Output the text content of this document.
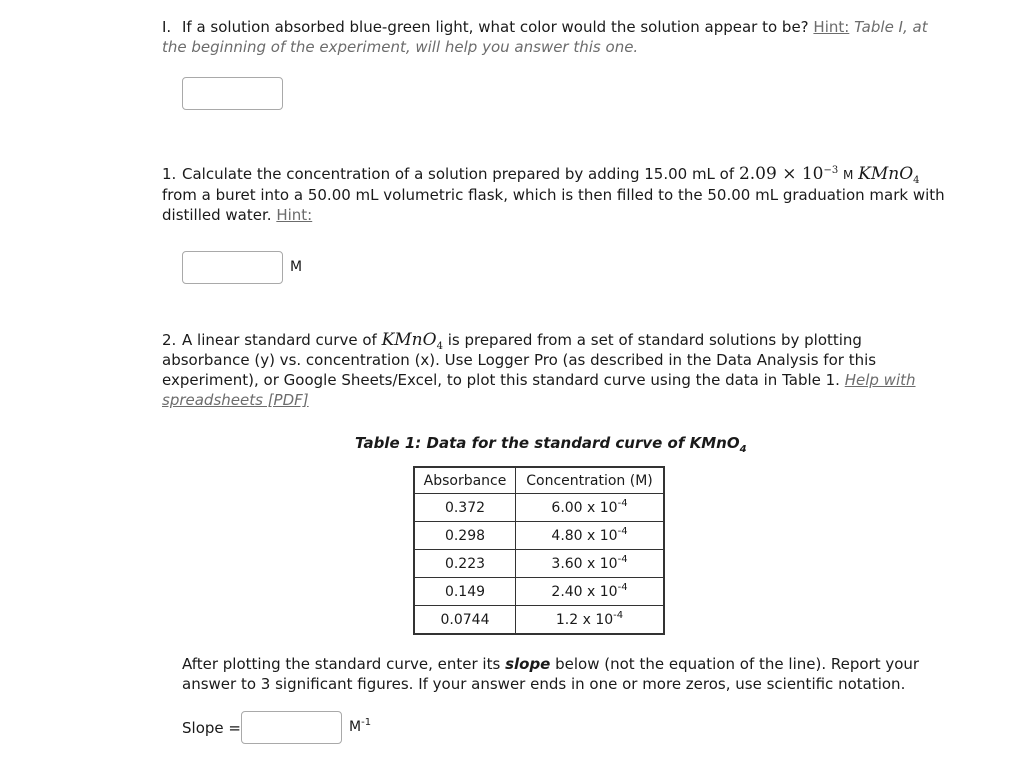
I. If a solution absorbed blue-green light, what color would the solution appear to be? Hint: Table I, at the beginning of the experiment, will help you answer this one.
1. Calculate the concentration of a solution prepared by adding 15.00 mL of $2.09 \times 10^{-3}$ M KMnO$_4$ from a buret into a 50.00 mL volumetric flask, which is then filled to the 50.00 mL graduation mark with distilled water. Hint:
M
2. A linear standard curve of KMnO$_4$ is prepared from a set of standard solutions by plotting absorbance (y) vs. concentration (x). Use Logger Pro (as described in the Data Analysis for this experiment), or Google Sheets/Excel, to plot this standard curve using the data in Table 1. Help with spreadsheets [PDF]
Table 1: Data for the standard curve of KMnO$_4$
Absorbance	Concentration (M)
0.372	6.00 x $10^{-4}$
0.298	4.80 x $10^{-4}$
0.223	3.60 x $10^{-4}$
0.149	2.40 x $10^{-4}$
0.0744	1.2 x $10^{-4}$
After plotting the standard curve, enter its slope below (not the equation of the line). Report your answer to 3 significant figures. If your answer ends in one or more zeros, use scientific notation.
Slope =	$M^{-1}$
